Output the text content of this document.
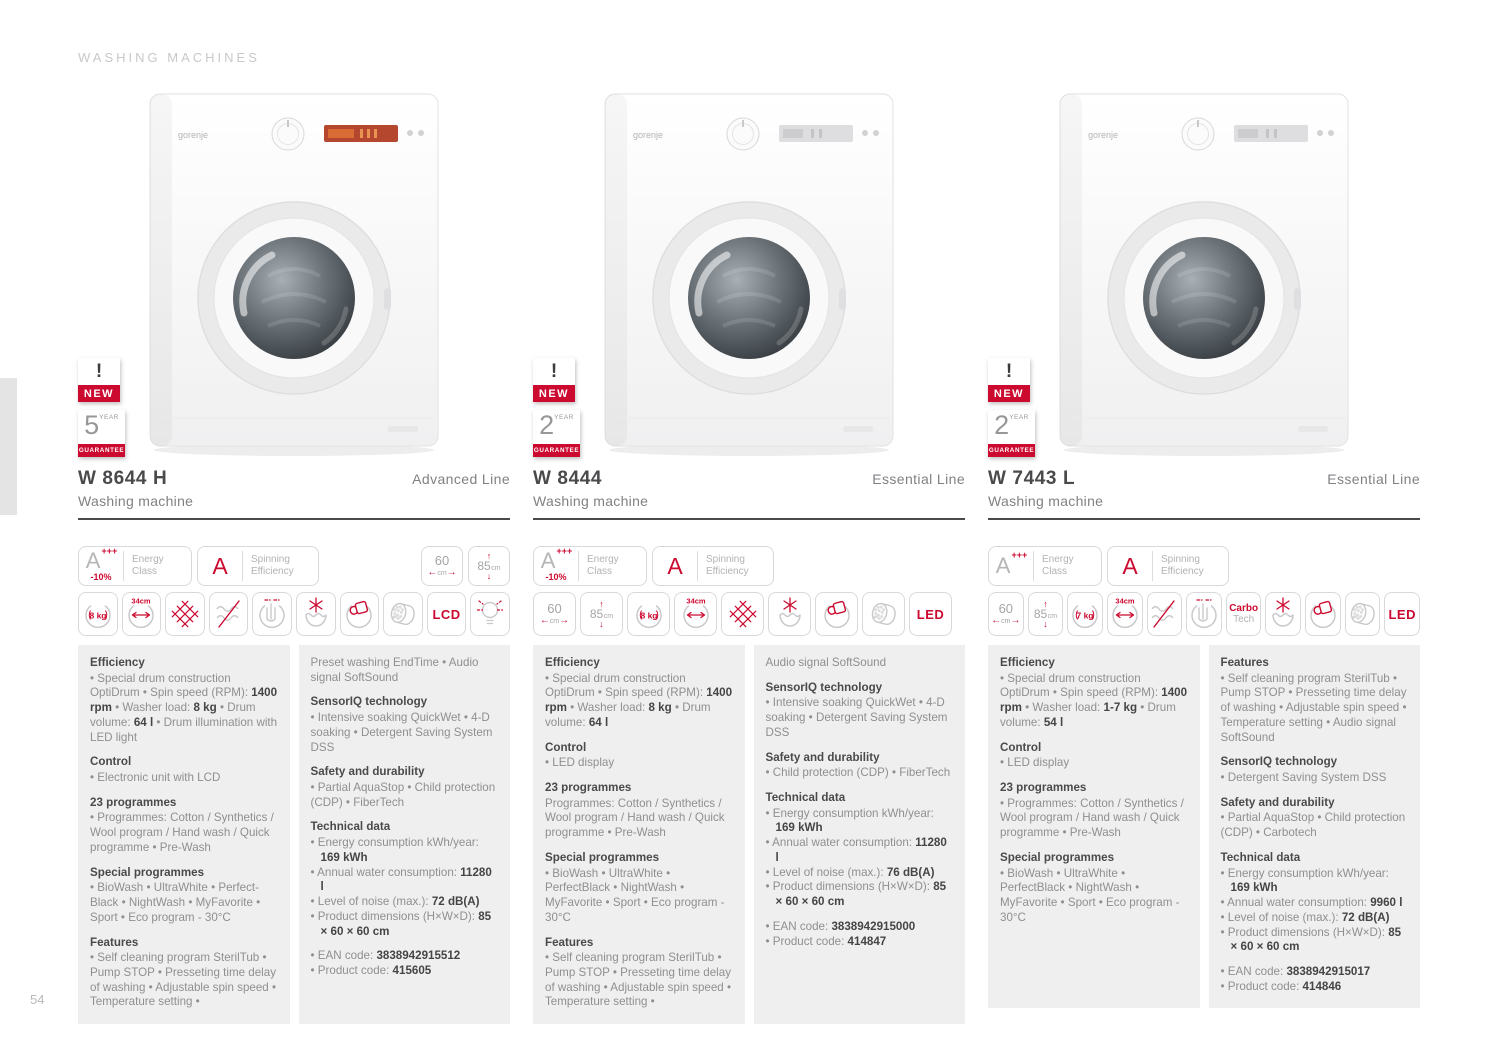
WASHING MACHINES
gorenje
!
NEW
5 YEAR
GUARANTEE
W 8644 H	Advanced Line
Washing machine
A+++
-10%
Energy
Class A Spinning
Efficiency
60
←cm→
↑
85 cm
↓
8 kg
34cm
LCD
Efficiency
• Special drum construction OptiDrum • Spin speed (RPM): 1400 rpm • Washer load: 8 kg • Drum volume: 64 l • Drum illumination with LED light
Control
• Electronic unit with LCD
23 programmes
• Programmes: Cotton / Synthetics / Wool program / Hand wash / Quick programme • Pre-Wash
Special programmes
• BioWash • UltraWhite • Perfect-Black • NightWash • MyFavorite • Sport • Eco program - 30°C
Features
• Self cleaning program SterilTub • Pump STOP • Presseting time delay of washing • Adjustable spin speed • Temperature setting •
Preset washing EndTime • Audio signal SoftSound
SensorIQ technology
• Intensive soaking QuickWet • 4-D soaking • Detergent Saving System DSS
Safety and durability
• Partial AquaStop • Child protection (CDP) • FiberTech
Technical data
• Energy consumption kWh/year: 169 kWh
• Annual water consumption: 11280 l
• Level of noise (max.): 72 dB(A)
• Product dimensions (H×W×D): 85 × 60 × 60 cm
• EAN code: 3838942915512
• Product code: 415605
gorenje
!
NEW
2 YEAR
GUARANTEE
W 8444	Essential Line
Washing machine
A+++
-10%
Energy
Class A Spinning
Efficiency
60
←cm→
↑
85 cm
↓
8 kg
34cm
LED
Efficiency
• Special drum construction OptiDrum • Spin speed (RPM): 1400 rpm • Washer load: 8 kg • Drum volume: 64 l
Control
• LED display
23 programmes
Programmes: Cotton / Synthetics / Wool program / Hand wash / Quick programme • Pre-Wash
Special programmes
• BioWash • UltraWhite • PerfectBlack • NightWash • MyFavorite • Sport • Eco program - 30°C
Features
• Self cleaning program SterilTub • Pump STOP • Presseting time delay of washing • Adjustable spin speed • Temperature setting •
Audio signal SoftSound
SensorIQ technology
• Intensive soaking QuickWet • 4-D soaking • Detergent Saving System DSS
Safety and durability
• Child protection (CDP) • FiberTech
Technical data
• Energy consumption kWh/year: 169 kWh
• Annual water consumption: 11280 l
• Level of noise (max.): 76 dB(A)
• Product dimensions (H×W×D): 85 × 60 × 60 cm
• EAN code: 3838942915000
• Product code: 414847
gorenje
!
NEW
2 YEAR
GUARANTEE
W 7443 L	Essential Line
Washing machine
A+++ Energy
Class A Spinning
Efficiency
60
←cm→
↑
85 cm
↓
7 kg
34cm
Carbo
Tech	LED
Efficiency
• Special drum construction OptiDrum • Spin speed (RPM): 1400 rpm • Washer load: 1-7 kg • Drum volume: 54 l
Control
• LED display
23 programmes
• Programmes: Cotton / Synthetics / Wool program / Hand wash / Quick programme • Pre-Wash
Special programmes
• BioWash • UltraWhite • PerfectBlack • NightWash • MyFavorite • Sport • Eco program - 30°C
Features
• Self cleaning program SterilTub • Pump STOP • Presseting time delay of washing • Adjustable spin speed • Temperature setting • Audio signal SoftSound
SensorIQ technology
• Detergent Saving System DSS
Safety and durability
• Partial AquaStop • Child protection (CDP) • Carbotech
Technical data
• Energy consumption kWh/year: 169 kWh
• Annual water consumption: 9960 l
• Level of noise (max.): 72 dB(A)
• Product dimensions (H×W×D): 85 × 60 × 60 cm
• EAN code: 3838942915017
• Product code: 414846
54
